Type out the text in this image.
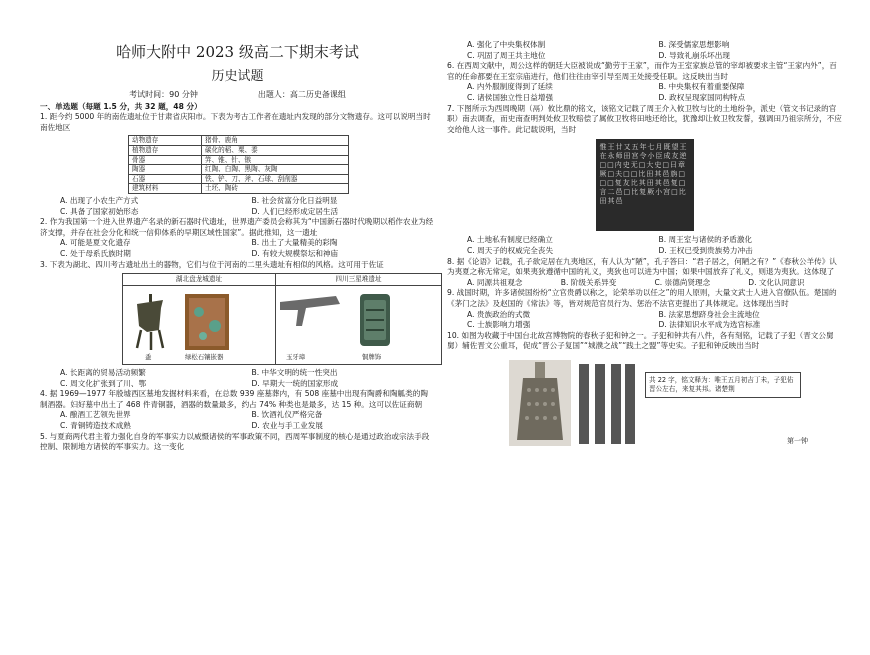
哈师大附中 2023 级高二下期末考试
历史试题
考试时间：90 分钟	出题人：高二历史备课组
一、单选题（每题 1.5 分，共 32 题，48 分）

1. 距今约 5000 年的南佐遗址位于甘肃省庆阳市。下表为考古工作者在遗址内发现的部分文物遗存。这可以说明当时南佐地区

动物遗存	猪骨、鹿角
植物遗存	碳化的稻、粟、黍
骨器	笄、锥、针、镞
陶器	红陶、白陶、黑陶、灰陶
石器	铁、铲、刀、斧、石球、刮削器
建筑材料	土坯、陶砖
A. 出现了小农生产方式	B. 社会贫富分化日益明显
C. 具备了国家初始形态	D. 人们已经形成定居生活

2. 作为我国第一个进入世界遗产名录的新石器时代遗址，世界遗产委员会称其为“中国新石器时代晚期以稻作农业为经济支撑，并存在社会分化和统一信仰体系的早期区域性国家”。据此推知，这一遗址

A. 可能是夏文化遗存	B. 出土了大量精美的彩陶
C. 处于母系氏族时期	D. 有较大规模祭坛和神庙

3. 下表为湖北、四川考古遗址出土的器物，它们与位于河南的二里头遗址有相似的风格。这可用于佐证

湖北盘龙城遗址	四川三星堆遗址
盉	绿松石镶嵌器	玉牙璋	铜牌饰
A. 长距离的贸易活动频繁	B. 中华文明的统一性突出
C. 周文化扩张到了川、鄂	D. 早期大一统的国家形成

4. 据 1969—1977 年殷墟西区墓地发掘材料来看，在总数 939 座墓葬内，有 508 座墓中出现有陶爵和陶觚类的陶制酒器。妇好墓中出土了 468 件青铜器，酒器的数量最多，约占 74% 种类也是最多，达 15 种。这可以佐证商朝

A. 酿酒工艺领先世界	B. 饮酒礼仪严格完备
C. 青铜铸造技术成熟	D. 农业与手工业发展

5. 与夏商两代君主着力强化自身的军事实力以威慑诸侯的军事政策不同，西周军事制度的核心是通过政治或宗法手段控制、限制地方诸侯的军事实力。这一变化

A. 强化了中央集权体制	B. 深受儒家思想影响
C. 巩固了周王共主地位	D. 导致礼崩乐坏出现

6. 在西周文献中，周公这样的朝廷大臣被说成“勤劳于王家”，而作为王室家族总管的宰却被要求主管“王家内外”，百官的任命都要在王室宗庙进行，他们往往由宰引导至周王处接受任职。这反映出当时

A. 内外服制度得到了延续	B. 中央集权有着重要保障
C. 诸侯国独立性日益增强	D. 政权呈现家国同构特点

7. 下图所示为西周晚期（鬲）攸比鼎的铭文，该铭文记载了周王介入攸卫牧与比的土地纷争，派史（管文书记录的官职）南去调查，而史南查明判处攸卫牧赔偿了属攸卫牧将田地还给比，犹豫却让攸卫牧发誓，强调田乃祖宗所分，不应交给他人这一事件。此记载说明，当时

惟王廿又五年七月既望王在永师田宫令小臣成友逆□□内史无□大史□曰章厥□夫□□比田其邑旃□□□复友比其田其邑复□言二邑□比复厥小宫□比田其邑
A. 土地私有制度已经确立	B. 周王室与诸侯的矛盾激化
C. 周天子的权威完全丧失	D. 王权已受到贵族势力冲击

8. 据《论语》记载，孔子欲定居在九夷地区，有人认为“陋”，孔子答曰：“君子居之，何陋之有？”《春秋公羊传》认为夷夏之称无常定，如果夷狄遵循中国的礼义，夷狄也可以进为中国；如果中国放弃了礼义，则退为夷狄。这体现了

A. 同源共祖观念	B. 阶级关系异变	C. 崇德尚贤理念	D. 文化认同意识

9. 战国时期，许多诸侯国纷纷“立官贵爵以称之，论荣举功以任之”的用人原则，大量文武士人进入官僚队伍。楚国的《茅门之法》及赵国的《常法》等，皆对规范官员行为、惩治不法官吏提出了具体规定。这体现出当时

A. 贵族政治的式微	B. 法家思想跻身社会主流地位
C. 士族影响力增强	D. 法律知识水平成为选官标准

10. 如图为收藏于中国台北故宫博物院的春秋子犯和钟之一。子犯和钟共有八件，各有刻铭，记载了子犯（晋文公舅舅）辅佐晋文公重耳，促成“晋公子复国”“城濮之战”“践土之盟”等史实。子犯和钟反映出当时

共 22 字，铭文释为：唯王五月初吉丁未，子犯佑晋公左右，来复其邦。诸楚荆
第一钟
